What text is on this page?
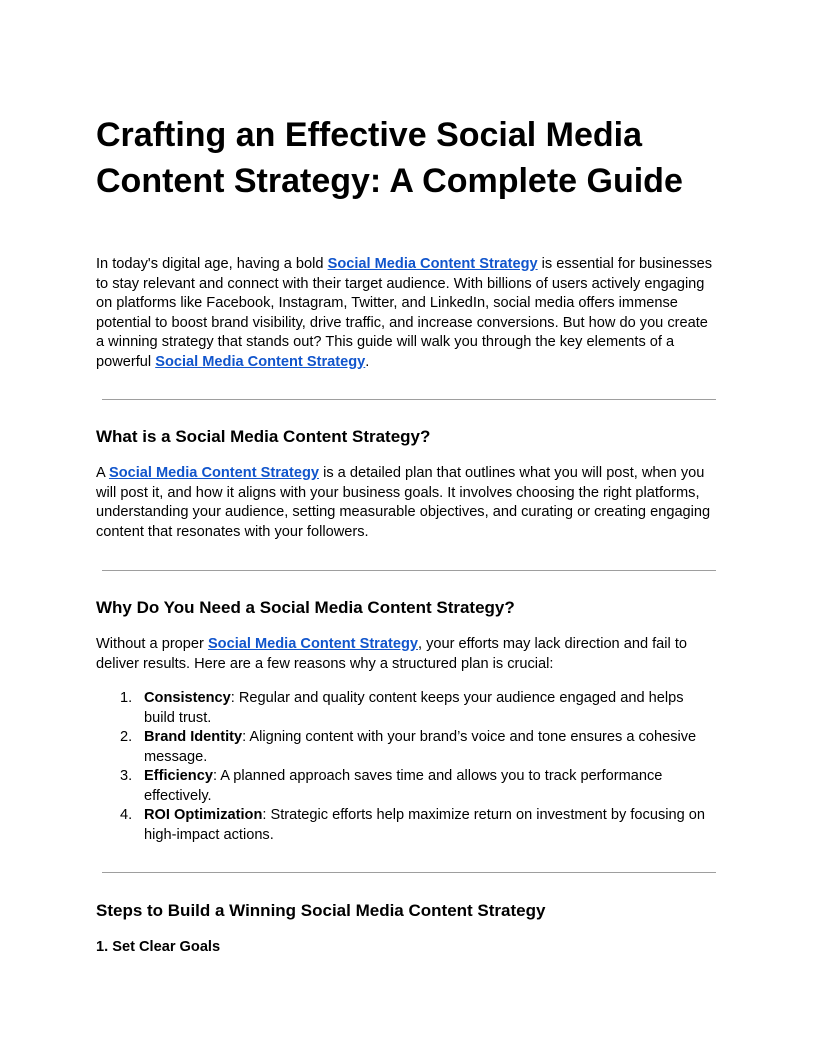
Crafting an Effective Social Media Content Strategy: A Complete Guide

In today's digital age, having a bold Social Media Content Strategy is essential for businesses to stay relevant and connect with their target audience. With billions of users actively engaging on platforms like Facebook, Instagram, Twitter, and LinkedIn, social media offers immense potential to boost brand visibility, drive traffic, and increase conversions. But how do you create a winning strategy that stands out? This guide will walk you through the key elements of a powerful Social Media Content Strategy.

What is a Social Media Content Strategy?

A Social Media Content Strategy is a detailed plan that outlines what you will post, when you will post it, and how it aligns with your business goals. It involves choosing the right platforms, understanding your audience, setting measurable objectives, and curating or creating engaging content that resonates with your followers.

Why Do You Need a Social Media Content Strategy?

Without a proper Social Media Content Strategy, your efforts may lack direction and fail to deliver results. Here are a few reasons why a structured plan is crucial:

1. Consistency: Regular and quality content keeps your audience engaged and helps build trust.
2. Brand Identity: Aligning content with your brand’s voice and tone ensures a cohesive message.
3. Efficiency: A planned approach saves time and allows you to track performance effectively.
4. ROI Optimization: Strategic efforts help maximize return on investment by focusing on high-impact actions.
Steps to Build a Winning Social Media Content Strategy
1. Set Clear Goals
